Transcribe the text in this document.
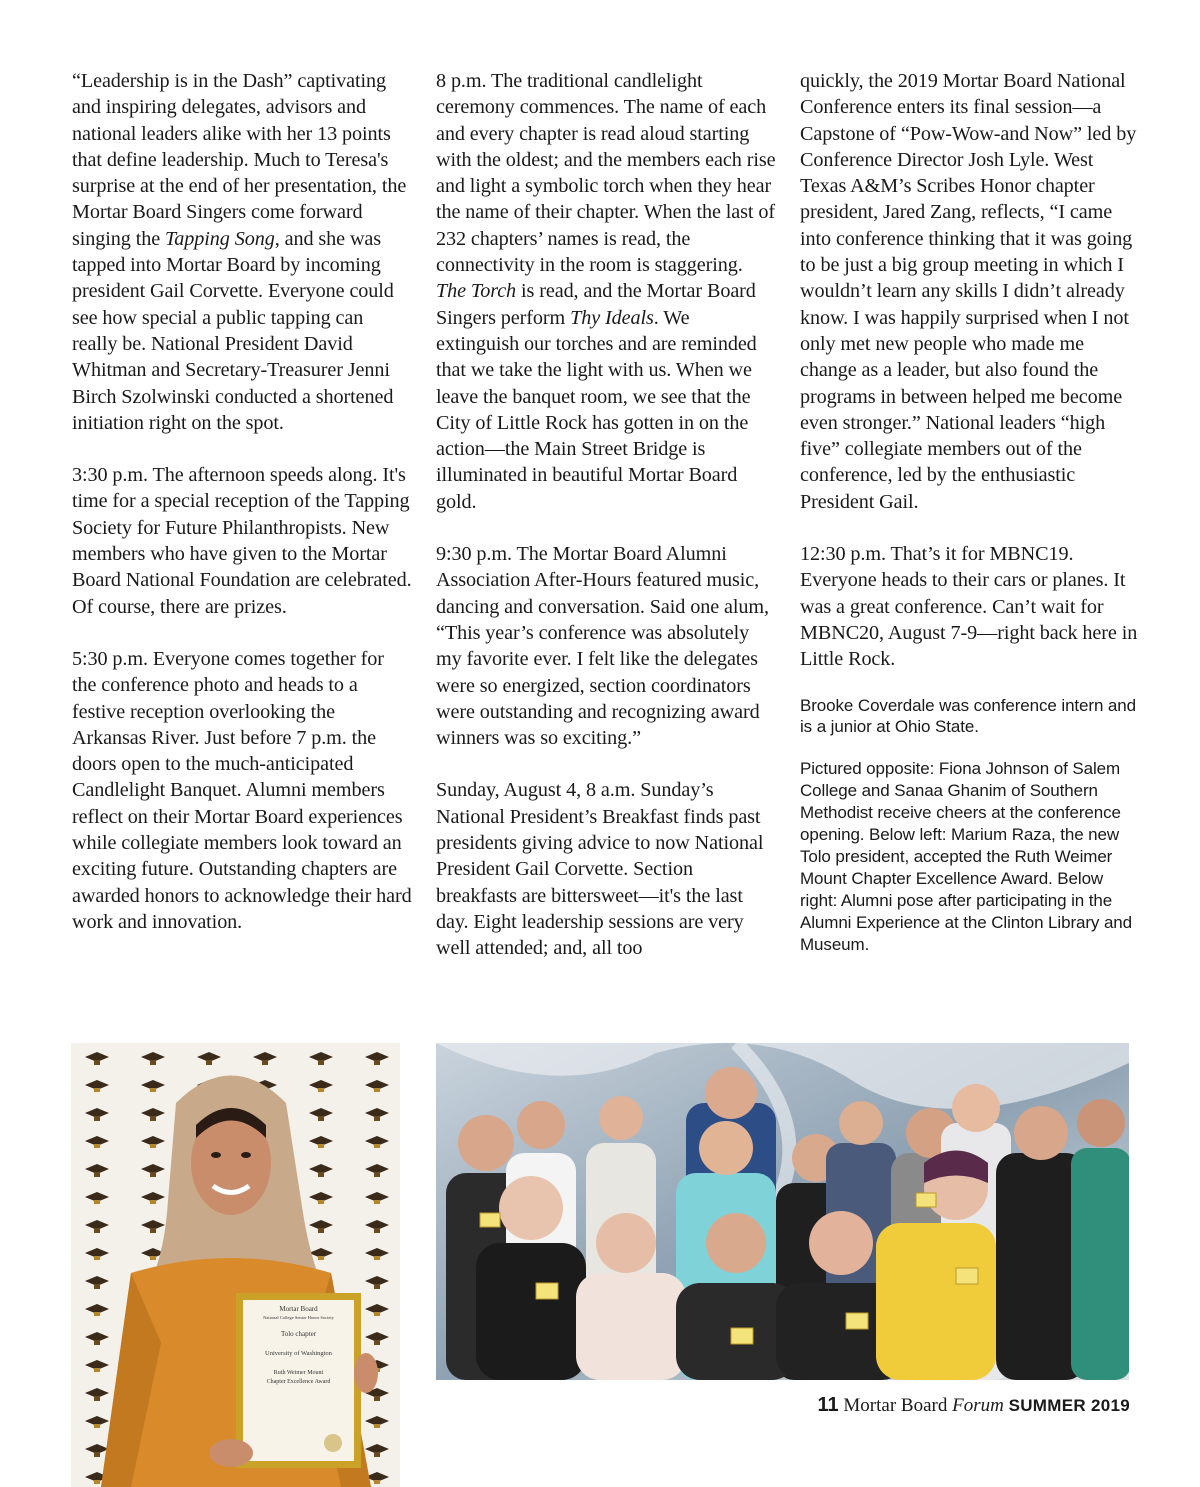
“Leadership is in the Dash” captivating and inspiring delegates, advisors and national leaders alike with her 13 points that define leadership. Much to Teresa's surprise at the end of her presentation, the Mortar Board Singers come forward singing the Tapping Song, and she was tapped into Mortar Board by incoming president Gail Corvette. Everyone could see how special a public tapping can really be. National President David Whitman and Secretary-Treasurer Jenni Birch Szolwinski conducted a shortened initiation right on the spot.

3:30 p.m. The afternoon speeds along. It's time for a special reception of the Tapping Society for Future Philanthropists. New members who have given to the Mortar Board National Foundation are celebrated. Of course, there are prizes.

5:30 p.m. Everyone comes together for the conference photo and heads to a festive reception overlooking the Arkansas River. Just before 7 p.m. the doors open to the much-anticipated Candlelight Banquet. Alumni members reflect on their Mortar Board experiences while collegiate members look toward an exciting future. Outstanding chapters are awarded honors to acknowledge their hard work and innovation.

8 p.m. The traditional candlelight ceremony commences. The name of each and every chapter is read aloud starting with the oldest; and the members each rise and light a symbolic torch when they hear the name of their chapter. When the last of 232 chapters’ names is read, the connectivity in the room is staggering. The Torch is read, and the Mortar Board Singers perform Thy Ideals. We extinguish our torches and are reminded that we take the light with us. When we leave the banquet room, we see that the City of Little Rock has gotten in on the action—the Main Street Bridge is illuminated in beautiful Mortar Board gold.

9:30 p.m. The Mortar Board Alumni Association After-Hours featured music, dancing and conversation. Said one alum, “This year’s conference was absolutely my favorite ever. I felt like the delegates were so energized, section coordinators were outstanding and recognizing award winners was so exciting.”

Sunday, August 4, 8 a.m. Sunday’s National President’s Breakfast finds past presidents giving advice to now National President Gail Corvette. Section breakfasts are bittersweet—it's the last day. Eight leadership sessions are very well attended; and, all too

quickly, the 2019 Mortar Board National Conference enters its final session—a Capstone of “Pow-Wow-and Now” led by Conference Director Josh Lyle. West Texas A&M’s Scribes Honor chapter president, Jared Zang, reflects, “I came into conference thinking that it was going to be just a big group meeting in which I wouldn’t learn any skills I didn’t already know. I was happily surprised when I not only met new people who made me change as a leader, but also found the programs in between helped me become even stronger.” National leaders “high five” collegiate members out of the conference, led by the enthusiastic President Gail.

12:30 p.m. That’s it for MBNC19. Everyone heads to their cars or planes. It was a great conference. Can’t wait for MBNC20, August 7-9—right back here in Little Rock.

Brooke Coverdale was conference intern and is a junior at Ohio State.

Pictured opposite: Fiona Johnson of Salem College and Sanaa Ghanim of Southern Methodist receive cheers at the conference opening. Below left: Marium Raza, the new Tolo president, accepted the Ruth Weimer Mount Chapter Excellence Award. Below right: Alumni pose after participating in the Alumni Experience at the Clinton Library and Museum.

Mortar Board
National College Senior Honor Society
Tolo chapter
University of Washington
Ruth Weimer Mount
Chapter Excellence Award
11 Mortar Board Forum SUMMER 2019
